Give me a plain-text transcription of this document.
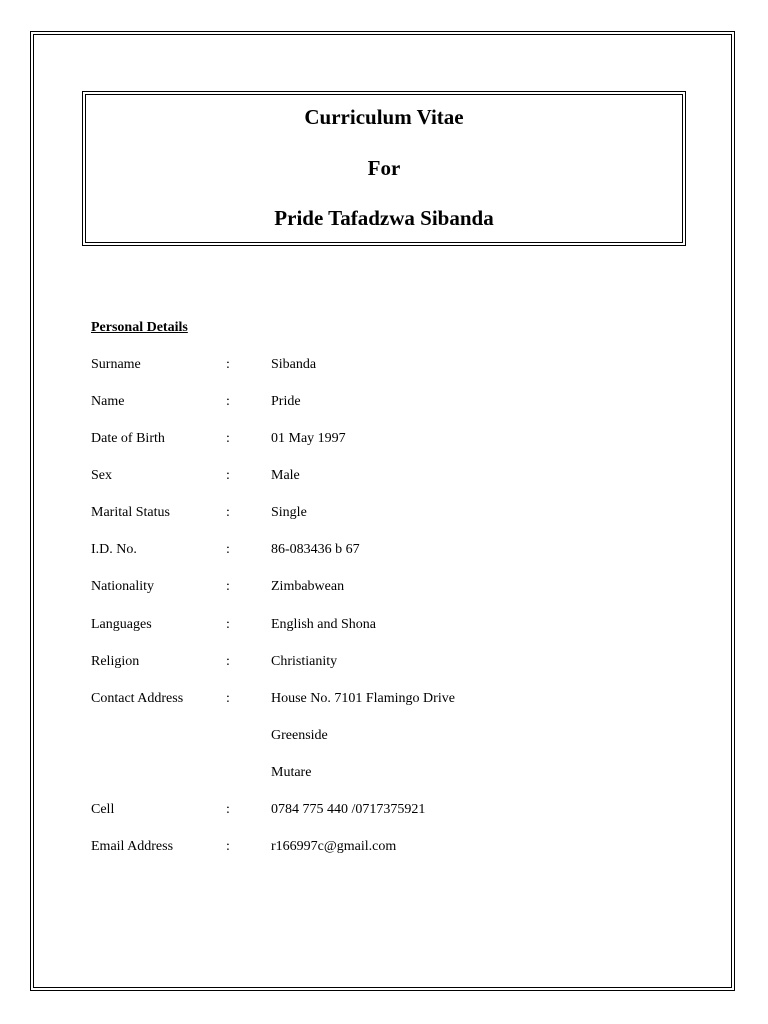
Curriculum Vitae
For
Pride Tafadzwa Sibanda
Personal Details
Surname	:	Sibanda
Name	:	Pride
Date of Birth	:	01 May 1997
Sex	:	Male
Marital Status	:	Single
I.D. No.	:	86-083436 b 67
Nationality	:	Zimbabwean
Languages	:	English and Shona
Religion	:	Christianity
Contact Address	:	House No. 7101 Flamingo Drive
Greenside
Mutare
Cell	:	0784 775 440 /0717375921
Email Address	:	r166997c@gmail.com
